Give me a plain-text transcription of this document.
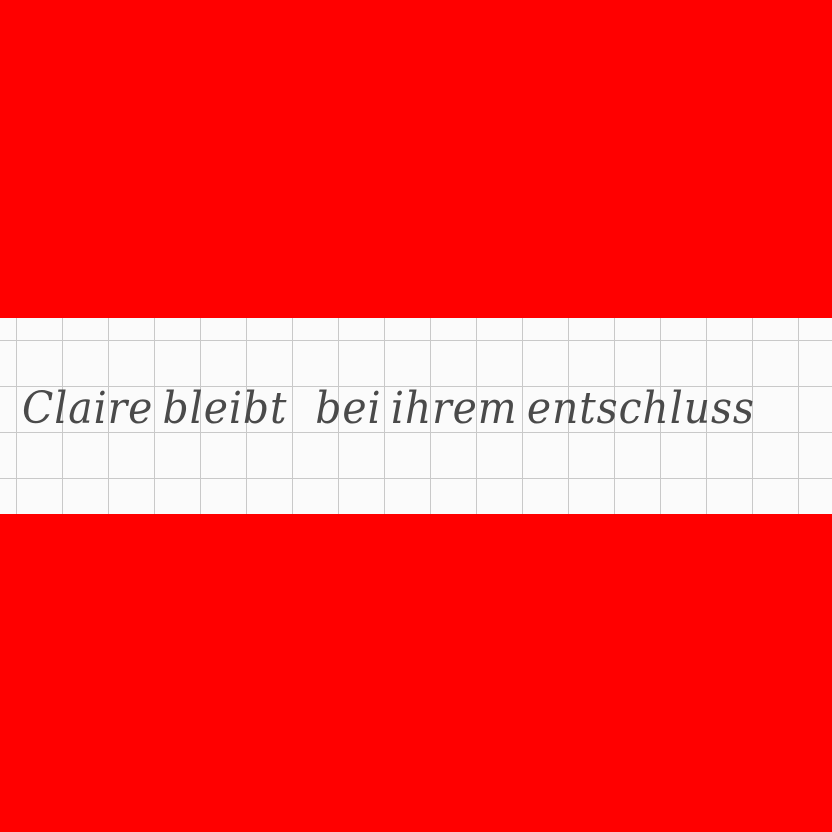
Claire bleibt bei ihrem entschluss
